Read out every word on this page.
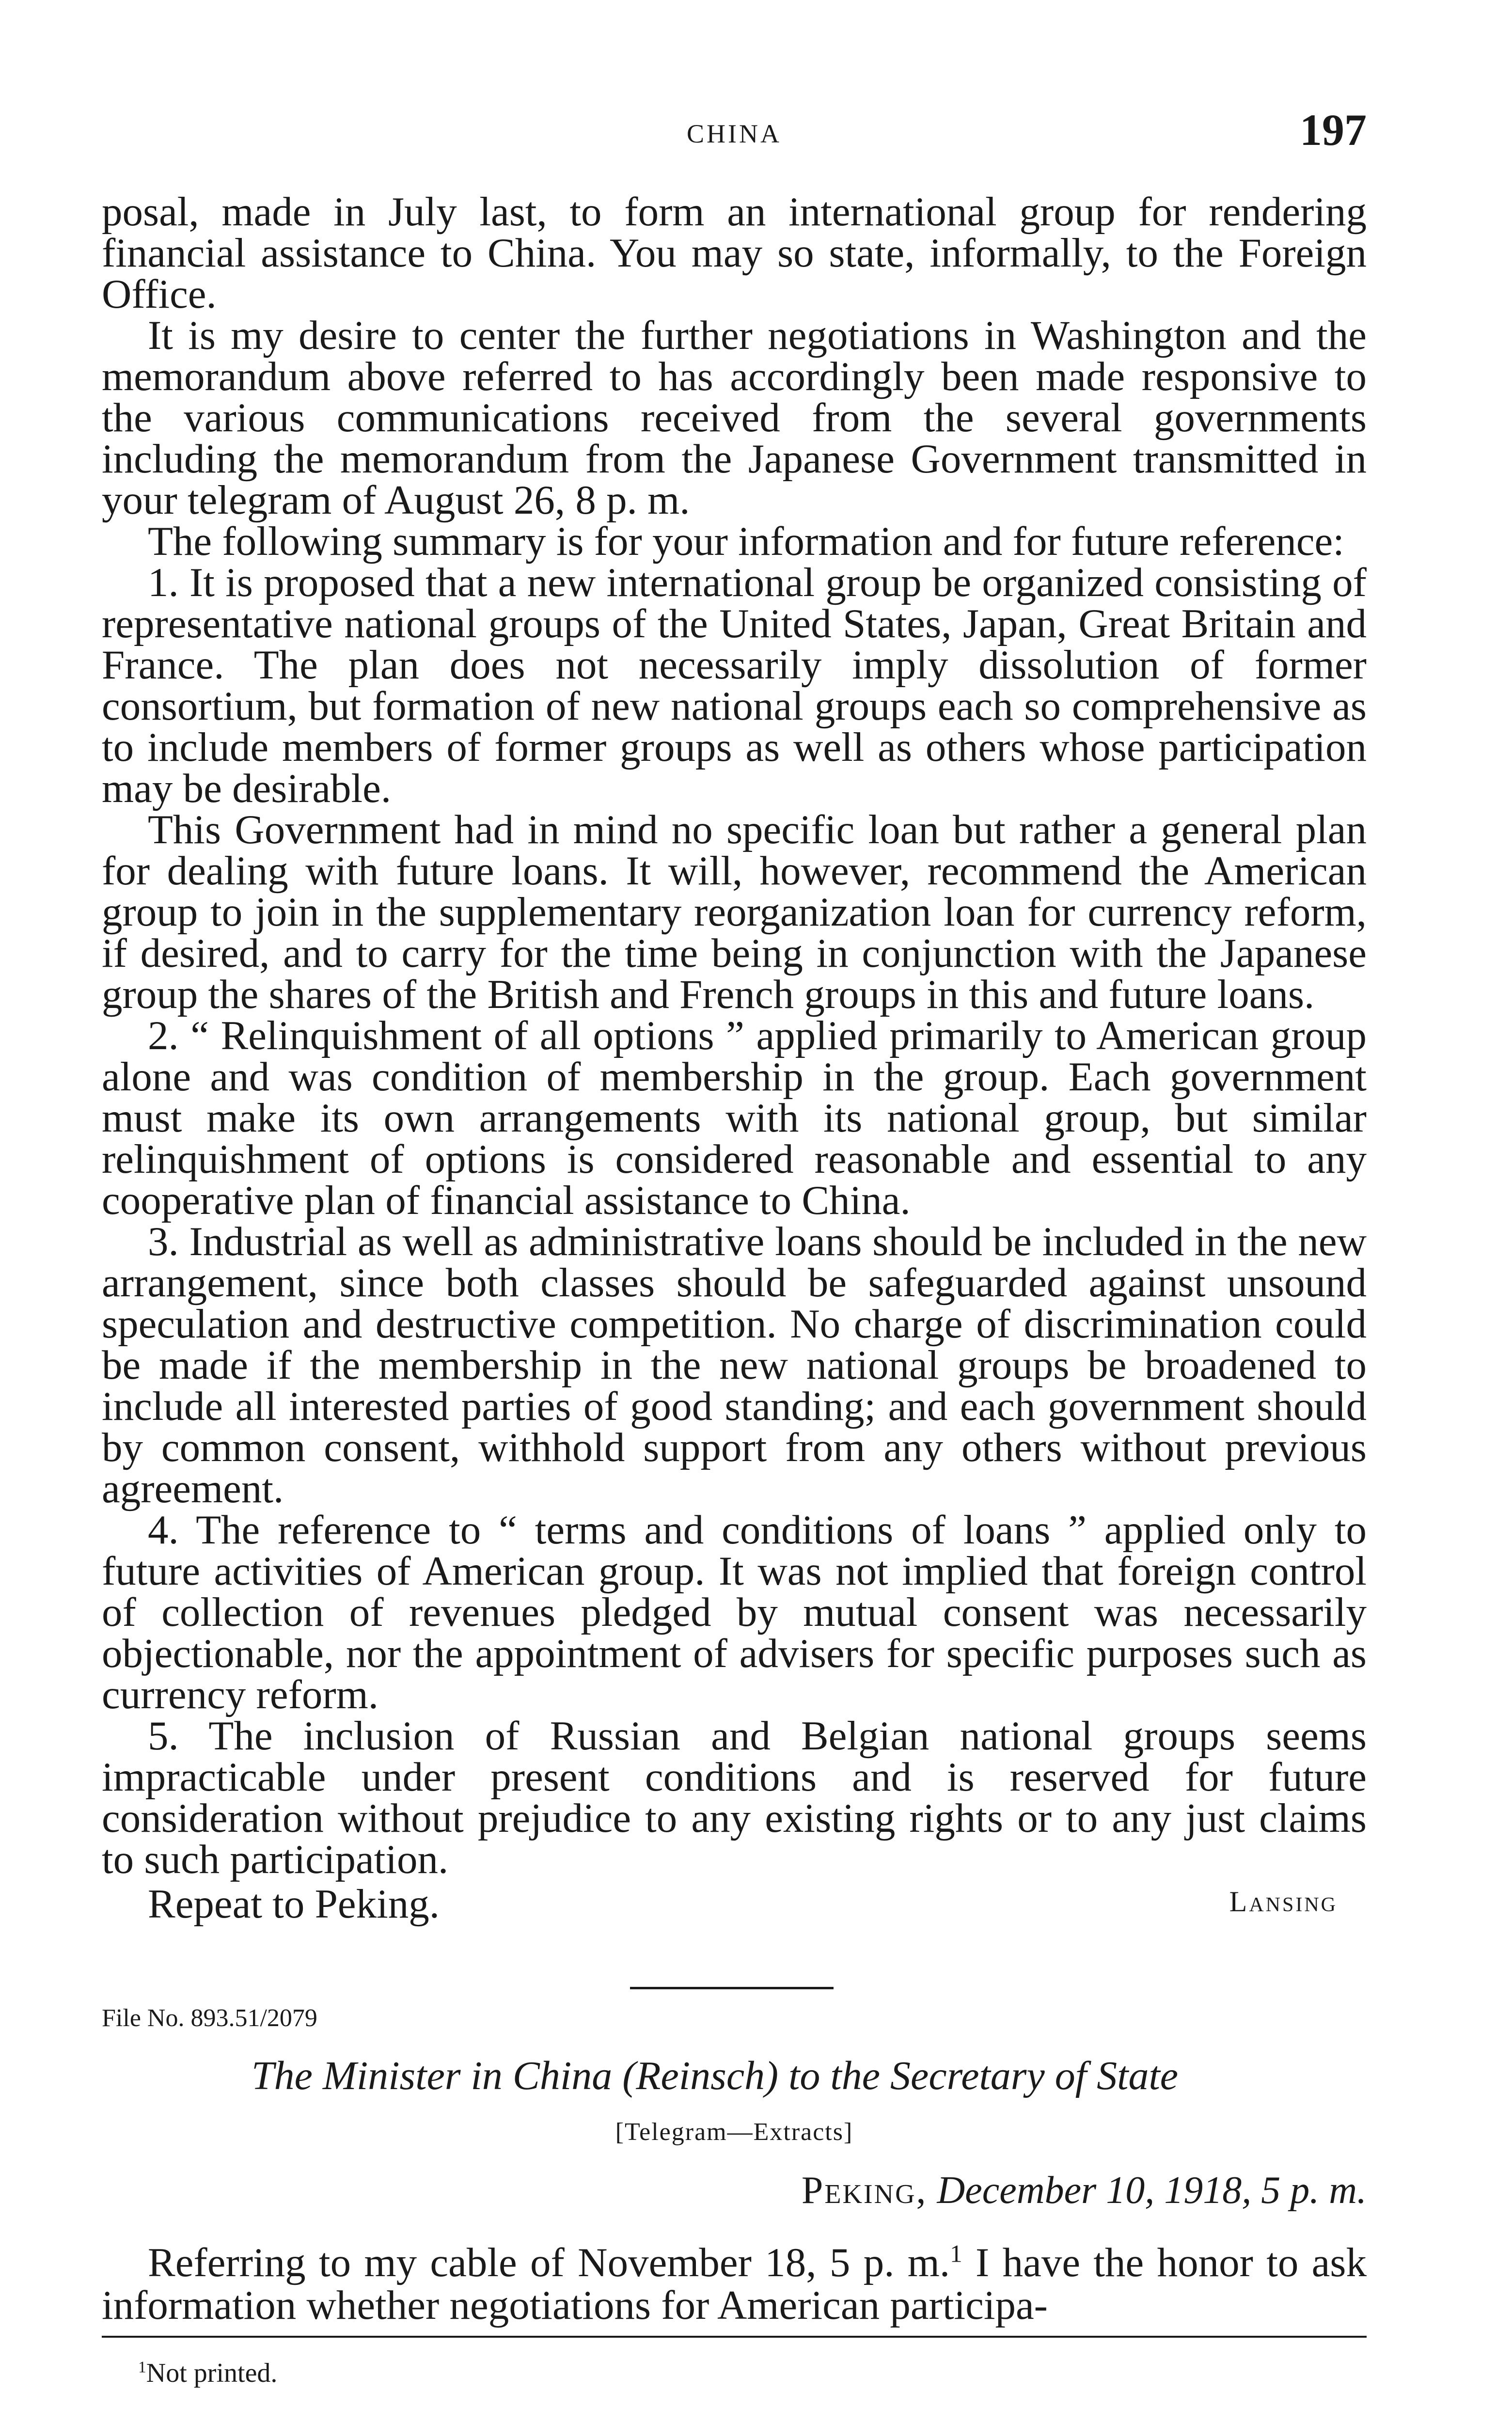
CHINA	197

posal, made in July last, to form an international group for rendering financial assistance to China. You may so state, informally, to the Foreign Office.

It is my desire to center the further negotiations in Washington and the memorandum above referred to has accordingly been made responsive to the various communications received from the several governments including the memorandum from the Japanese Government transmitted in your telegram of August 26, 8 p. m.

The following summary is for your information and for future reference:

1. It is proposed that a new international group be organized consisting of representative national groups of the United States, Japan, Great Britain and France. The plan does not necessarily imply dissolution of former consortium, but formation of new national groups each so comprehensive as to include members of former groups as well as others whose participation may be desirable.

This Government had in mind no specific loan but rather a general plan for dealing with future loans. It will, however, recommend the American group to join in the supplementary reorganization loan for currency reform, if desired, and to carry for the time being in conjunction with the Japanese group the shares of the British and French groups in this and future loans.

2. “ Relinquishment of all options ” applied primarily to American group alone and was condition of membership in the group. Each government must make its own arrangements with its national group, but similar relinquishment of options is considered reasonable and essential to any cooperative plan of financial assistance to China.

3. Industrial as well as administrative loans should be included in the new arrangement, since both classes should be safeguarded against unsound speculation and destructive competition. No charge of discrimination could be made if the membership in the new national groups be broadened to include all interested parties of good standing; and each government should by common consent, withhold support from any others without previous agreement.

4. The reference to “ terms and conditions of loans ” applied only to future activities of American group. It was not implied that foreign control of collection of revenues pledged by mutual consent was necessarily objectionable, nor the appointment of advisers for specific purposes such as currency reform.

5. The inclusion of Russian and Belgian national groups seems impracticable under present conditions and is reserved for future consideration without prejudice to any existing rights or to any just claims to such participation.

Repeat to Peking.	Lansing
File No. 893.51/2079
The Minister in China (Reinsch) to the Secretary of State
[Telegram—Extracts]
Peking, December 10, 1918, 5 p. m.

Referring to my cable of November 18, 5 p. m.$^1$ I have the honor to ask information whether negotiations for American participa-

$^1$Not printed.
